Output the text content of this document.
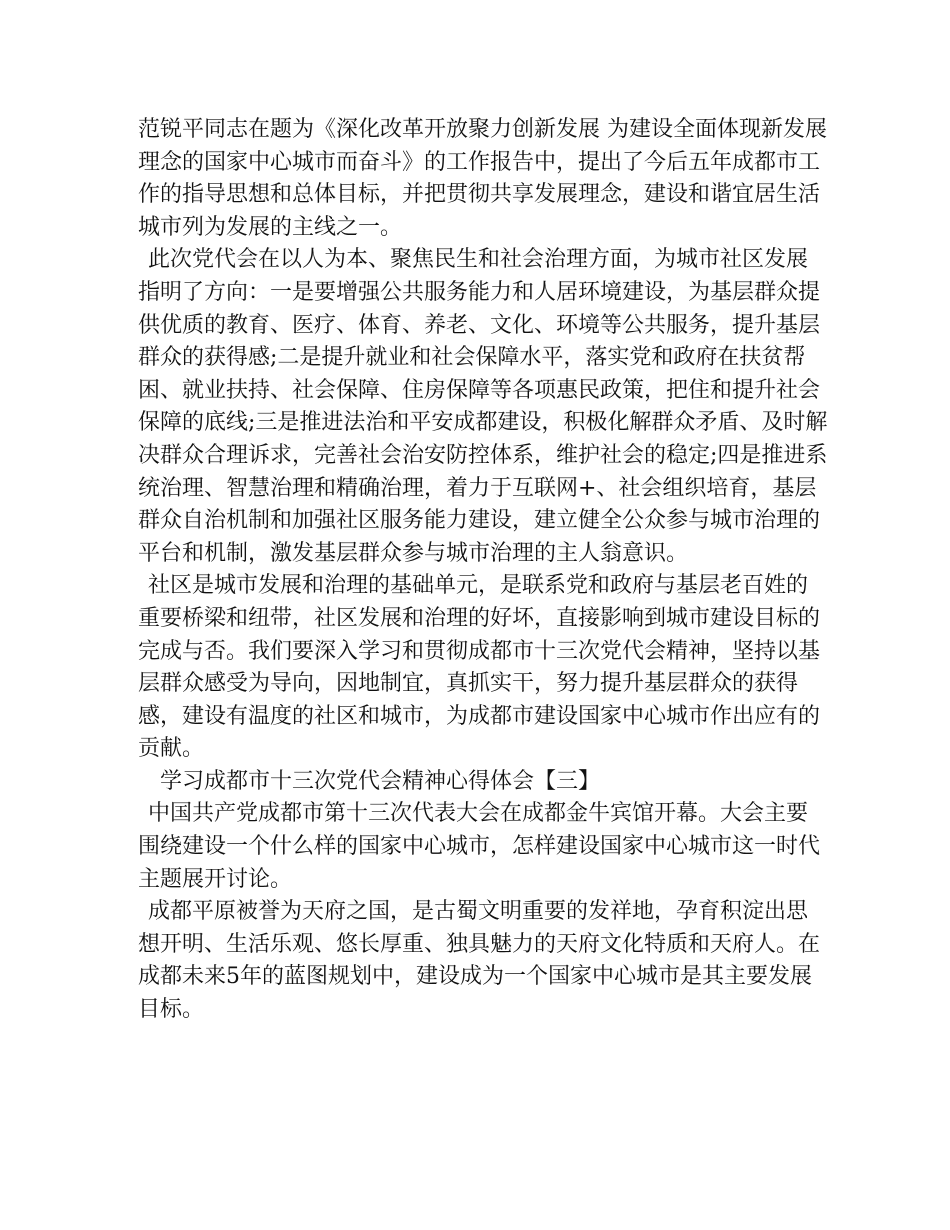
范锐平同志在题为《深化改革开放聚力创新发展 为建设全面体现新发展理念的国家中心城市而奋斗》的工作报告中，提出了今后五年成都市工作的指导思想和总体目标，并把贯彻共享发展理念，建设和谐宜居生活城市列为发展的主线之一。

此次党代会在以人为本、聚焦民生和社会治理方面，为城市社区发展指明了方向：一是要增强公共服务能力和人居环境建设，为基层群众提供优质的教育、医疗、体育、养老、文化、环境等公共服务，提升基层群众的获得感;二是提升就业和社会保障水平，落实党和政府在扶贫帮困、就业扶持、社会保障、住房保障等各项惠民政策，把住和提升社会保障的底线;三是推进法治和平安成都建设，积极化解群众矛盾、及时解决群众合理诉求，完善社会治安防控体系，维护社会的稳定;四是推进系统治理、智慧治理和精确治理，着力于互联网+、社会组织培育，基层群众自治机制和加强社区服务能力建设，建立健全公众参与城市治理的平台和机制，激发基层群众参与城市治理的主人翁意识。

社区是城市发展和治理的基础单元，是联系党和政府与基层老百姓的重要桥梁和纽带，社区发展和治理的好坏，直接影响到城市建设目标的完成与否。我们要深入学习和贯彻成都市十三次党代会精神，坚持以基层群众感受为导向，因地制宜，真抓实干，努力提升基层群众的获得感，建设有温度的社区和城市，为成都市建设国家中心城市作出应有的贡献。

学习成都市十三次党代会精神心得体会【三】

中国共产党成都市第十三次代表大会在成都金牛宾馆开幕。大会主要围绕建设一个什么样的国家中心城市，怎样建设国家中心城市这一时代主题展开讨论。

成都平原被誉为天府之国，是古蜀文明重要的发祥地，孕育积淀出思想开明、生活乐观、悠长厚重、独具魅力的天府文化特质和天府人。在成都未来5年的蓝图规划中，建设成为一个国家中心城市是其主要发展目标。
